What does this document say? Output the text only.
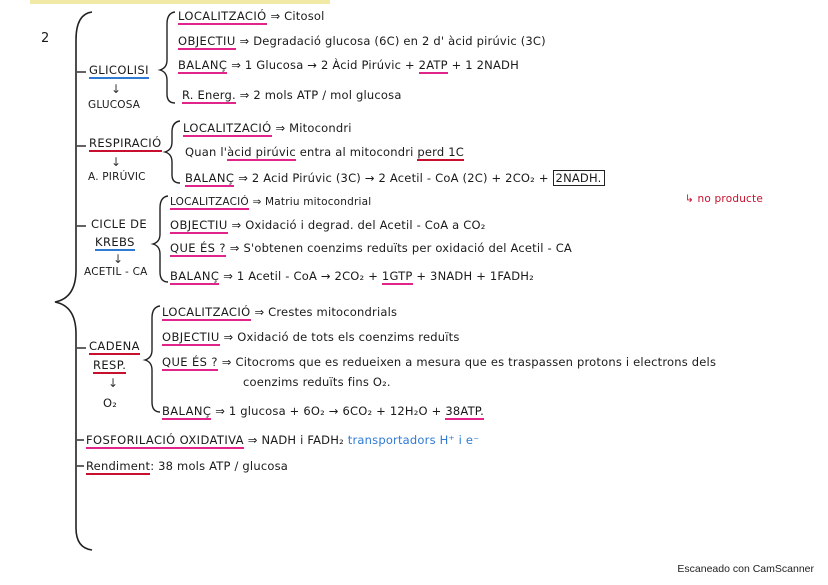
2
GLICOLISI
↓
GLUCOSA
LOCALITZACIÓ ⇒ Citosol
OBJECTIU ⇒ Degradació glucosa (6C) en 2 d' àcid pirúvic (3C)
BALANÇ ⇒ 1 Glucosa → 2 Àcid Pirúvic + 2ATP + 1 2NADH
R. Energ. ⇒ 2 mols ATP / mol glucosa
RESPIRACIÓ
↓
A. PIRÚVIC
LOCALITZACIÓ ⇒ Mitocondri
Quan l'àcid pirúvic entra al mitocondri perd 1C
BALANÇ ⇒ 2 Acid Pirúvic (3C) → 2 Acetil - CoA (2C) + 2CO₂ + 2NADH.
↳ no producte
CICLE DE
KREBS
↓
ACETIL - CA
LOCALITZACIÓ ⇒ Matriu mitocondrial
OBJECTIU ⇒ Oxidació i degrad. del Acetil - CoA a CO₂
QUE ÉS ? ⇒ S'obtenen coenzims reduïts per oxidació del Acetil - CA
BALANÇ ⇒ 1 Acetil - CoA → 2CO₂ + 1GTP + 3NADH + 1FADH₂
CADENA
RESP.
↓
O₂
LOCALITZACIÓ ⇒ Crestes mitocondrials
OBJECTIU ⇒ Oxidació de tots els coenzims reduïts
QUE ÉS ? ⇒ Citocroms que es redueixen a mesura que es traspassen protons i electrons dels
coenzims reduïts fins O₂.
BALANÇ ⇒ 1 glucosa + 6O₂ → 6CO₂ + 12H₂O + 38ATP.
FOSFORILACIÓ OXIDATIVA ⇒ NADH i FADH₂ transportadors H⁺ i e⁻
Rendiment: 38 mols ATP / glucosa
Escaneado con CamScanner
